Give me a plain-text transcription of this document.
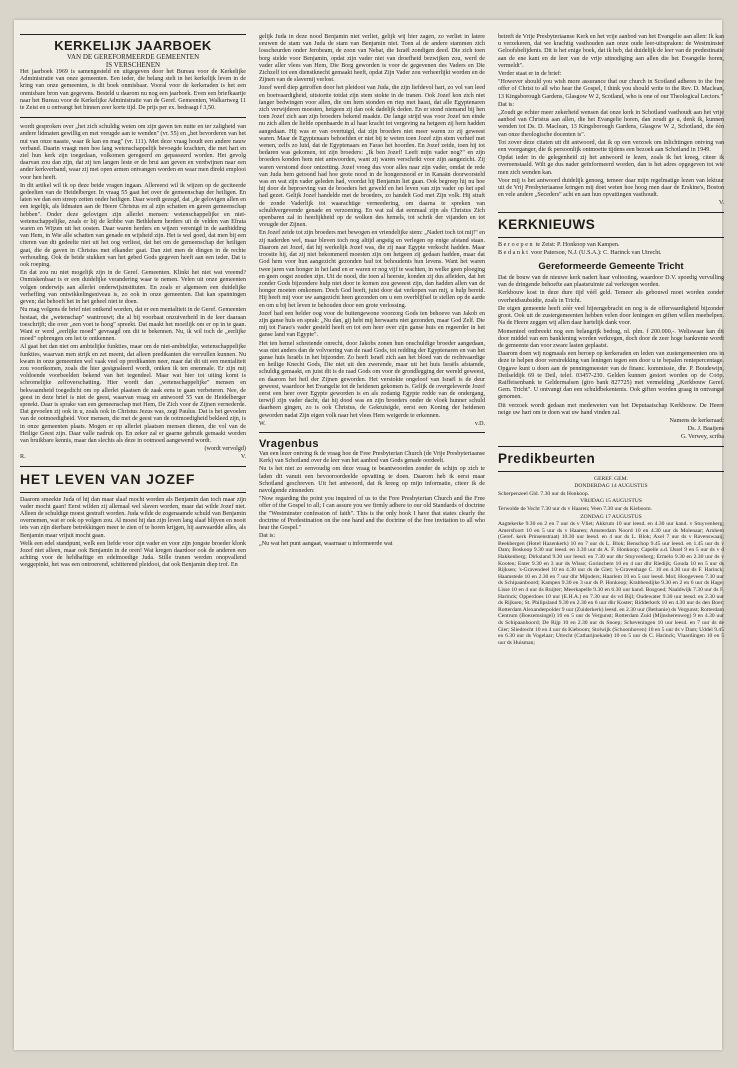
KERKELIJK JAARBOEK

VAN DE GEREFORMEERDE GEMEENTEN

IS VERSCHENEN

Het jaarboek 1969 is samengesteld en uitgegeven door het Bureau voor de Kerkelijke Administratie van onze gemeenten. Een ieder, die belang stelt in het kerkelijk leven in de kring van onze gemeenten, is dit boek onmisbaar. Vooral voor de kerkeraden is het een onmisbare bron van gegevens. Besteld u daarom nu nog een jaarboek. Even een briefkaartje naar het Bureau voor de Kerkelijke Administratie van de Geref. Gemeenten, Walkartweg 11 te Zeist en u ontvangt het binnen zeer korte tijd. De prijs per ex. bedraagt f 3,50.

wordt gesproken over „het zich schuldig weten om zijn gaven ten nutte en ter zaligheid van andere lidmaten gewillig en met vreugde aan te wenden" (vr. 55) en „het bevorderen van het nut van onze naaste, waar ik kan en mag" (vr. 111). Met deze vraag houdt een andere nauw verband. Daarin vraagt men hoe lang wetenschappelijk bevoegde krachten, die met hart en ziel hun kerk zijn toegedaan, volkomen geregeerd en gepasseerd worden. Het gevolg daarvan zou dan zijn, dat zij ten langen leste er de brui aan geven en verdwijnen naar een ander kerkverband, waar zij met open armen ontvangen worden en waar men direkt emplooi voor hen heeft.

In dit artikel wil ik op deze beide vragen ingaan. Allereerst wil ik wijzen op de geciteerde gedeelten van de Heidelberger. In vraag 55 gaat het over de gemeenschap der heiligen. En laten we dan een streep zetten onder heiligen. Daar wordt gezegd, dat „de gelovigen allen en een iegelijk, als lidmaten aan de Heere Christus en al zijn schatten en gaven gemeenschap hebben". Onder deze gelovigen zijn allerlei mensen: wetenschappelijke en niet-wetenschappelijke, zoals er bij de kribbe van Bethlehem herders uit de velden van Efrata waren en Wijzen uit het oosten. Daar waren herders en wijzen verenigd in de aanbidding van Hem, in Wie alle schatten van genade en wijsheid zijn. Het is wel goed, dat men bij een citeren van dit gedeelte niet uit het oog verliest, dat het om de gemeenschap der heiligen gaat, die de gaven in Christus met elkander gaat. Dan ziet men de dingen in de rechte verhouding. Ook de beide stukken van het gebed Gods gegeven heeft aan een ieder. Dat is ook roeping.

En dat zou nu niet mogelijk zijn in de Geref. Gemeenten. Klinkt het niet wat vreemd? Onmiskenbaar is er een duidelijke verandering waar te nemen. Velen uit onze gemeenten volgen onderwijs aan allerlei onderwijsinstituten. En zoals er algemeen een duidelijke verheffing van ontwikkelingsniveau is, zo ook in onze gemeenten. Dat kan spanningen geven; dat behoeft het in het geheel niet te doen.

Nu mag volgens de brief niet ontkend worden, dat er een mentaliteit in de Geref. Gemeenten bestaat, die „wetenschap" wantrouwt; die al bij voorbaat onzuiverheid in de leer daaraan toeschrijft; die over „een voet te hoog" spreekt. Dat maakt het moeilijk om er op in te gaan. Want er werd „eerlijke moed" gevraagd om dit te bekennen. Nu, ik wil toch de „eerlijke moed" opbrengen om het te ontkennen.

Al gaat het dan niet om ambtelijke funkties, maar om de niet-ambtelijke, wetenschappelijke funkties, waarvan men strijk en zet meent, dat alleen predikanten die vervullen kunnen. Nu kwam in onze gemeenten wel vaak veel op predikanten neer, maar dat dit uit een mentaliteit zou voortkomen, zoals die hier gesignaleerd wordt, ontken ik ten enenmale. Er zijn mij voldoende voorbeelden bekend van het tegendeel. Maar wat hier tot uiting komt is schromelijke zelfoverschatting. Hier wordt dan „wetenschappelijke" mensen en bekwaamheid toegedicht om op allerlei plaatsen de zaak eens te gaan verbeteren. Nee, de geest in deze brief is niet de geest, waarvan vraag en antwoord 55 van de Heidelberger spreekt. Daar is sprake van een gemeenschap met Hem, De Zich voor de Zijnen vernederde. Dat gevoelen zij ook in u, zoals ook in Christus Jezus was, zegt Paulus. Dat is het gevoelen van de ootmoedigheid. Voor mensen, die met de geest van de ootmoedigheid bekleed zijn, is in onze gemeenten plaats. Mogen er op allerlei plaatsen mensen dienen, die vol van de Heilige Geest zijn. Daar valle nadruk op. En zeker zal er gaarne gebruik gemaakt worden van bruikbare kennis, maar dan slechts als deze in ootmoed aangewend wordt.

(wordt vervolgd)

R.	V.
HET LEVEN VAN JOZEF

Daarom smeekte Juda of hij dan maar slaaf mocht worden als Benjamin dan toch maar zijn vader mocht gaan! Eerst wilden zij allemaal wel slaven worden, maar dat wilde Jozef niet. Alleen de schuldige moest gestraft worden. Juda wilde de zogenaamde schuld van Benjamin overnemen, wat er ook op volgen zou. Al moest hij dan zijn leven lang slaaf blijven en nooit iets van zijn dierbare betrekkingen meer te zien of te horen krijgen, hij aanvaardde alles, als Benjamin maar vrijuit mocht gaan.

Welk een edel standpunt, welk een liefde voor zijn vader en voor zijn jongste broeder klonk Jozef niet alleen, maar ook Benjamin in de oren! Wat kregen daardoor ook de anderen een achting voor de heldhaftige en edelmoedige Juda. Stille tranen werden onopvallend weggepinkt, het was een ontroerend, schitterend pleidooi, dat ook Benjamin diep trof. En

gelijk Juda in deze nood Benjamin niet verliet, gelijk wij hier zagen, zo verliet in latere eeuwen de stam van Juda de stam van Benjamin niet. Toen al de andere stammen zich losscheurden onder Jerobeam, de zoon van Nebat, die Israël zondigen deed. Die zich toen borg stelde voor Benjamin, opdat zijn vader niet van droefheid bezwijken zou, werd de vader aller vlees van Hem, Die Borg geworden is voor de gegevenen des Vaders en Die Zichzelf tot een dienstknecht gemaakt heeft, opdat Zijn Vader zou verheerlijkt worden en de Zijnen van de slavernij verlost.

Jozef werd diep getroffen door het pleidooi van Juda, die zijn liefdevol hart, zo vol van leed en boetvaardigheid, uitstortte totdat zijn stem stokte in de tranen. Ook Jozef kon zich niet langer bedwingen voor allen, die om hem stonden en riep met haast, dat alle Egyptenaren zich verwijderen moesten, hetgeen zij dan ook dadelijk deden. En er stond niemand bij hen toen Jozef zich aan zijn broeders bekend maakte. De lange strijd was voor Jozef ten einde nu zich allen de liefde openbaarde in al haar kracht tot vergeving na hetgeen zij hem hadden aangedaan. Hij was er van overtuigd, dat zijn broeders niet meer waren zo zij geweest waren. Maar de Egyptenaars behoefden er niet bij te weten toen Jozef zijn stem verhief met wenen, zelfs zo luid, dat de Egyptenaars en Farao het hoorden. En Jozef zeide, toen hij tot bedaren was gekomen, tot zijn broeders: „Ik ben Jozef! Leeft mijn vader nog?" en zijn broeders konden hem niet antwoorden, want zij waren verschrikt voor zijn aangezicht. Zij waren verstomd door ontzetting. Jozef vroeg dus voor alles naar zijn vader, omdat de rede van Juda hem getoond had hoe grote nood in de hongersnood er in Kanaän doorworsteld was en wat zijn vader geleden had, voordat hij Benjamin liet gaan. Ook begreep hij nu hoe hij door de beproeving van de broeders het geweld en het leven van zijn vader op het spel had gezet. Gelijk Jozef handelde met de broeders, zo handelt God met Zijn volk. Hij straft de zonde Vaderlijk tot waarachtige verneedering, om daarna te spreken van schuldvergevende genade en verzoening. En wat zal dat eenmaal zijn als Christus Zich openbaren zal in heerlijkheid op de wolken des hemels, tot schrik der vijanden en tot vreugde der Zijnen.

En Jozef zeide tot zijn broeders met bewogen en vriendelijke stem: „Nadert toch tot mij!" en zij naderden wel, maar bleven toch nog altijd angstig en verlegen op enige afstand staan. Daarom zei Jozef, dat hij werkelijk Jozef was, die zij naar Egypte verkocht hadden. Maar troostte hij, dat zij niet bekommerd moesten zijn om hetgeen zij gedaan hadden, maar dat God hem voor hun aangezicht gezonden had tot behoudenis hun levens. Want het waren twee jaren van honger in het land en er waren er nog vijf te wachten, in welke geen ploeging en geen oogst zouden zijn. Uit de nood, die toen al heerste, konden zij dus afleiden, dat het zonder Gods bijzondere hulp niet door te komen zou geweest zijn, dan hadden allen van de honger moeten omkomen. Doch God heeft, juist door dat verkopen van mij, u hulp bereid. Hij heeft mij voor uw aangezicht heen gezonden om u een overblijfsel te stellen op de aarde en om u bij het leven te behouden door een grote verlossing.

Jozef had een helder oog voor de buitengewone voorzorg Gods ten behoeve van Jakob en zijn ganse huis en sprak: „Nu dan, gij hebt mij herwaarts niet gezonden, maar God Zelf. Die mij tot Farao's vader gesteld heeft en tot een heer over zijn ganse huis en regeerder in het ganse land van Egypte".

Het ten hemel schreiende onrecht, door Jakobs zonen hun onschuldige broeder aangedaan, was niet anders dan de volvoering van de raad Gods, tot redding der Egyptenaren en van het ganse huis Israëls in het bijzonder. Zo heeft Israël zich aan het bloed van de rechtvaardige en heilige Knecht Gods, Die niet uit den zwerende, maar uit het huis Israëls afstamde, schuldig gemaakt, en juist dit is de raad Gods om voor de grondlegging der wereld geweest, en daarom het heil der Zijnen geworden. Het verstokte ongeloof van Israël is de deur geweest, waardoor het Evangelie tot de heidenen gekomen is. Gelijk de overgeleverde Jozef eerst een heer over Egypte geworden is en als zodanig Egypte redde van de ondergang, terwijl zijn vader dacht, dat hij dood was en zijn broeders onder de vloek hunner schuld daarheen gingen, zo is ook Christus, de Gekruisigde, eerst een Koning der heidenen geworden nadat Zijn eigen volk naar het vlees Hem weigerde te erkennen.

W.	v.D.
Vragenbus

Van een lezer ontving ik de vraag hoe de Free Presbyterian Church (de Vrije Presbyteriaanse Kerk) van Schotland over de leer van het aanbod van Gods genade oordeelt.

Nu is het niet zo eenvoudig om deze vraag te beantwoorden zonder de schijn op zich te laden dit vanuit een bevooroordeelde opvatting te doen. Daarom heb ik eerst maar Schotland geschreven. Uit het antwoord, dat ik kreeg op mijn informatie, citeer ik de navolgende zinsneden:

"Now regarding the point you inquired of us to the Free Presbyterian Church and the Free offer of the Gospel to all; I can assure you we firmly adhere to our old Standards of doctrine the "Westminster confession of faith". This is the only book I have that states clearly the doctrine of Predestination on the one hand and the doctrine of the free invitation to all who hear the Gospel."

Dat is:

„Nu wat het punt aangaat, waarnaar u informeerde wat

betreft de Vrije Presbyteriaanse Kerk en het vrije aanbod van het Evangelie aan allen: Ik kan u verzekeren, dat we krachtig vasthouden aan onze oude leer-uitspraken: de Westminster Geloofsbelijdenis. Dit is het enige boek, dat ik heb, dat duidelijk de leer van de predestinatie aan de ene kant en de leer van de vrije uitnodiging aan allen die het Evangelie horen, vermeldt".

Verder staat er in de brief:

"However should you wish more assurance that our church in Scotland adheres to the free offer of Christ to all who hear the Gospel, I think you should write to the Rev. D. Maclean, 13 Kingsborough Gardens, Glasgow W 2, Scotland, who is one of our Theological Lectors."

Dat is:

„Zoudt ge echter meer zekerheid wensen dat onze kerk in Schotland vasthoudt aan het vrije aanbod van Christus aan allen, die het Evangelie horen, dan zoudt ge u, denk ik, kunnen wenden tot Ds. D. Maclean, 13 Kingsborough Gardens, Glasgow W 2, Schotland, die één van onze theologische docenten is".

Tot zover deze citaten uit dit antwoord, dat ik op een verzoek om inlichtingen ontving van een voorganger, die ik persoonlijk ontmoette tijdens een bezoek aan Schotland in 1949.

Opdat ieder in de gelegenheid zij het antwoord te lezen, zoals ik het kreeg, citeer ik overeenstaald. Wilt ge dus nader geïnformeerd worden, dan is het adres opgegeven tot wie men zich wenden kan.

Voor mij is het antwoord duidelijk genoeg, temeer daar mijn regelmatige lezen van lektuur uit de Vrij Presbyteriaanse kringen mij doet weten hoe hoog men daar de Erskine's, Boston en vele andere „Seceders" acht en aan hun opvattingen vasthoudt.

V.

KERKNIEUWS

Beroepen te Zeist: P. Honkoop van Kampen.

Bedankt voor Paterson, N.J. (U.S.A.): C. Harinck van Utrecht.

Gereformeerde Gemeente Tricht

Dat de bouw van de nieuwe kerk nadert haar voltooiing, waardoor D.V. spoedig vervulling van de dringende behoefte aan plaatsruimte zal verkregen worden.

Kerkbouw kost in deze dure tijd véél geld. Temeer als gebouwd moet worden zonder overheidssubsidie, zoals in Tricht.

De eigen gemeente heeft zéér veel bijeengebracht en nog is de offervaardigheid bijzonder groot. Ook uit de zustergemeenten hebben velen door leningen en giften willen meehelpen. Na de Heere zeggen wij allen daar hartelijk dank voor.

Momenteel ontbreekt nog een belangrijk bedrag, nl. plm. f 200.000,-. Weliswaar kan dit door middel van een banklening worden verkregen, doch door de zeer hoge bankrente wordt de gemeente dan voor zware lasten geplaatst.

Daarom doen wij nogmaals een beroep op kerkeraden en leden van zustergemeenten ons in deze te helpen door verstrekking van leningen tegen een door u te bepalen rentepercentage. Opgave kunt u doen aan de penningmeester van de financ. kommissie, dhr. P. Boudewijn, Deilseldijk 69 te Deil, telef. 03457-230. Gelden kunnen gestort worden op de Coöp. Raiffeisenbank te Geldermalsen (giro bank 827725) met vermelding „Kerkbouw Geref. Gem. Tricht". U ontvangt dan een schuldbekentenis. Ook giften worden graag in ontvangst genomen.

Dit verzoek wordt gedaan met medeweten van het Deputaatschap Kerkbouw. De Heere neige uw hart om te doen wat uw hand vinden zal.

Namens de kerkeraad:

Ds. J. Baaijens

G. Verwey, scriba

Predikbeurten

GEREF. GEM.

DONDERDAG 14 AUGUSTUS

Scherpenzeel Gld. 7.30 uur ds Honkoop.

VRIJDAG 15 AUGUSTUS

Terwolde de Vecht 7.30 uur ds v Haaren; Veen 7.30 uur ds Kieboom.

ZONDAG 17 AUGUSTUS

Aagtekerke 9.30 en 2 en 7 uur ds v Vliet; Akkrum 10 uur leesd. en 4.30 uur kand. v Stuyvenberg; Amersfoort 10 en 5 uur ds v Haaren; Amsterdam Noord 10 en 4.30 uur ds Molenaar; Arnhem (Geref. kerk Prinsenstraat) 10.30 uur leesd. en 4 uur ds L. Blok; Axel 7 uur ds v Ravenswaaij; Beekbergen (Hotel Hazenkerk) 10 en 7 uur ds L. Blok; Benschop 9.45 uur leesd. en 1.45 uur ds v Dam; Boskoop 9.30 uur leesd. en 3.30 uur ds A. F. Honkoop; Capelle a.d. IJssel 9 en 5 uur ds v d Hakkenberg; Dirksland 9.30 uur leesd. en 7.30 uur dhr Stuyvenberg; Ermelo 9.30 en 2.30 uur ds v Kooten; Enter 9.30 en 3 uur ds Wisse; Gorinchem 10 en 4 uur dhr Riedijk; Gouda 10 en 5 uur ds Rijksen; 's-Gravendeel 10 en 4.30 uur ds de Gier; 's-Gravenhage C. 10 en 4.30 uur ds F. Harinck; Haamstede 10 en 2.30 en 7 uur dhr Mijnders; Haarlem 10 en 5 uur leesd. Mol; Hoogeveen 7.30 uur ds Schipaanboord; Kampen 9.30 en 3 uur ds P. Honkoop; Krabbendijke 9.30 en 2 en 6 uur ds Hage; Lisse 10 en 4 uur ds Ruijter; Meerkapelle 9.30 en 6.30 uur kand. Bosgoed; Naaldwijk 7.30 uur ds F. Harinck; Opperdoes 10 uur (E.H.A.) en 7.30 uur ds vd Bijl; Oudewater 9.30 uur leesd. en 2.30 uur ds Rijksen; St. Philipsland 9.30 en 2.30 en 6 uur dhr Koster; Ridderkerk 10 en 4.30 uur ds den Boer; Rotterdam Alexanderpolder 9 uur (Zuiderkerk) leesd. en 2.30 uur (Bethanie) ds Vergunst; Rotterdam Centrum (Boezemsingel) 10 en 5 uur ds Vergunst; Rotterdam Zuid (Mijnsherenweg) 9 en 4.30 uur ds Schipaanboord; De Rijp 10 en 2.30 uur ds Snoep; Scheveningen 10 uur leesd. en 7 uur ds de Gier; Sliedrecht 10 en 4 uur ds Kieboom; Stolwijk (Schoonhoven) 10 en 5 uur ds v Dam; Uddel 9.45 en 6.30 uur ds Vogelaar; Utrecht (Catharijnekade) 10 en 5 uur ds C. Harinck; Vlaardingen 10 en 5 uur ds Huisman;
